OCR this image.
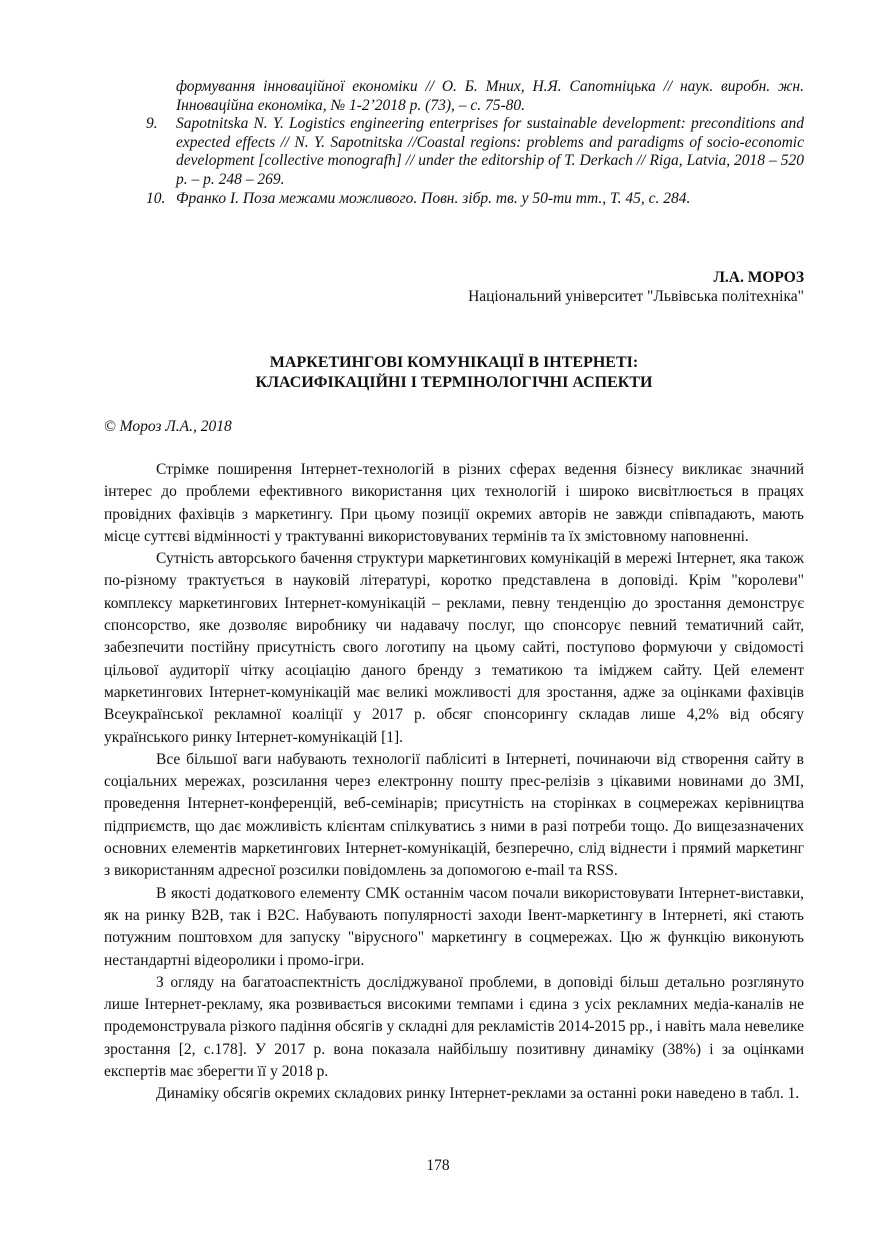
формування інноваційної економіки // О. Б. Мних, Н.Я. Сапотніцька // наук. виробн. жн. Інноваційна економіка, № 1-2’2018 р. (73), – с. 75-80.
9. Sapotnitska N. Y. Logistics engineering enterprises for sustainable development: preconditions and expected effects // N. Y. Sapotnitska //Coastal regions: problems and paradigms of socio-economic development [collective monografh] // under the editorship of T. Derkach // Riga, Latvia, 2018 – 520 p. – p. 248 – 269.
10. Франко І. Поза межами можливого. Повн. зібр. тв. у 50-ти тт., Т. 45, с. 284.
Л.А. МОРОЗ
Національний університет "Львівська політехніка"
МАРКЕТИНГОВІ КОМУНІКАЦІЇ В ІНТЕРНЕТІ:
КЛАСИФІКАЦІЙНІ І ТЕРМІНОЛОГІЧНІ АСПЕКТИ
© Мороз Л.А., 2018

Стрімке поширення Інтернет-технологій в різних сферах ведення бізнесу викликає значний інтерес до проблеми ефективного використання цих технологій і широко висвітлюється в працях провідних фахівців з маркетингу. При цьому позиції окремих авторів не завжди співпадають, мають місце суттєві відмінності у трактуванні використовуваних термінів та їх змістовному наповненні.

Сутність авторського бачення структури маркетингових комунікацій в мережі Інтернет, яка також по-різному трактується в науковій літературі, коротко представлена в доповіді. Крім "королеви" комплексу маркетингових Інтернет-комунікацій – реклами, певну тенденцію до зростання демонструє спонсорство, яке дозволяє виробнику чи надавачу послуг, що спонсорує певний тематичний сайт, забезпечити постійну присутність свого логотипу на цьому сайті, поступово формуючи у свідомості цільової аудиторії чітку асоціацію даного бренду з тематикою та іміджем сайту. Цей елемент маркетингових Інтернет-комунікацій має великі можливості для зростання, адже за оцінками фахівців Всеукраїнської рекламної коаліції у 2017 р. обсяг спонсорингу складав лише 4,2% від обсягу українського ринку Інтернет-комунікацій [1].

Все більшої ваги набувають технології пабліситі в Інтернеті, починаючи від створення сайту в соціальних мережах, розсилання через електронну пошту прес-релізів з цікавими новинами до ЗМІ, проведення Інтернет-конференцій, веб-семінарів; присутність на сторінках в соцмережах керівництва підприємств, що дає можливість клієнтам спілкуватись з ними в разі потреби тощо. До вищезазначених основних елементів маркетингових Інтернет-комунікацій, безперечно, слід віднести і прямий маркетинг з використанням адресної розсилки повідомлень за допомогою e-mail та RSS.

В якості додаткового елементу СМК останнім часом почали використовувати Інтернет-виставки, як на ринку B2B, так і B2C. Набувають популярності заходи Івент-маркетингу в Інтернеті, які стають потужним поштовхом для запуску "вірусного" маркетингу в соцмережах. Цю ж функцію виконують нестандартні відеоролики і промо-ігри.

З огляду на багатоаспектність досліджуваної проблеми, в доповіді більш детально розглянуто лише Інтернет-рекламу, яка розвивається високими темпами і єдина з усіх рекламних медіа-каналів не продемонструвала різкого падіння обсягів у складні для рекламістів 2014-2015 рр., і навіть мала невелике зростання [2, с.178]. У 2017 р. вона показала найбільшу позитивну динаміку (38%) і за оцінками експертів має зберегти її у 2018 р.

Динаміку обсягів окремих складових ринку Інтернет-реклами за останні роки наведено в табл. 1.

178
